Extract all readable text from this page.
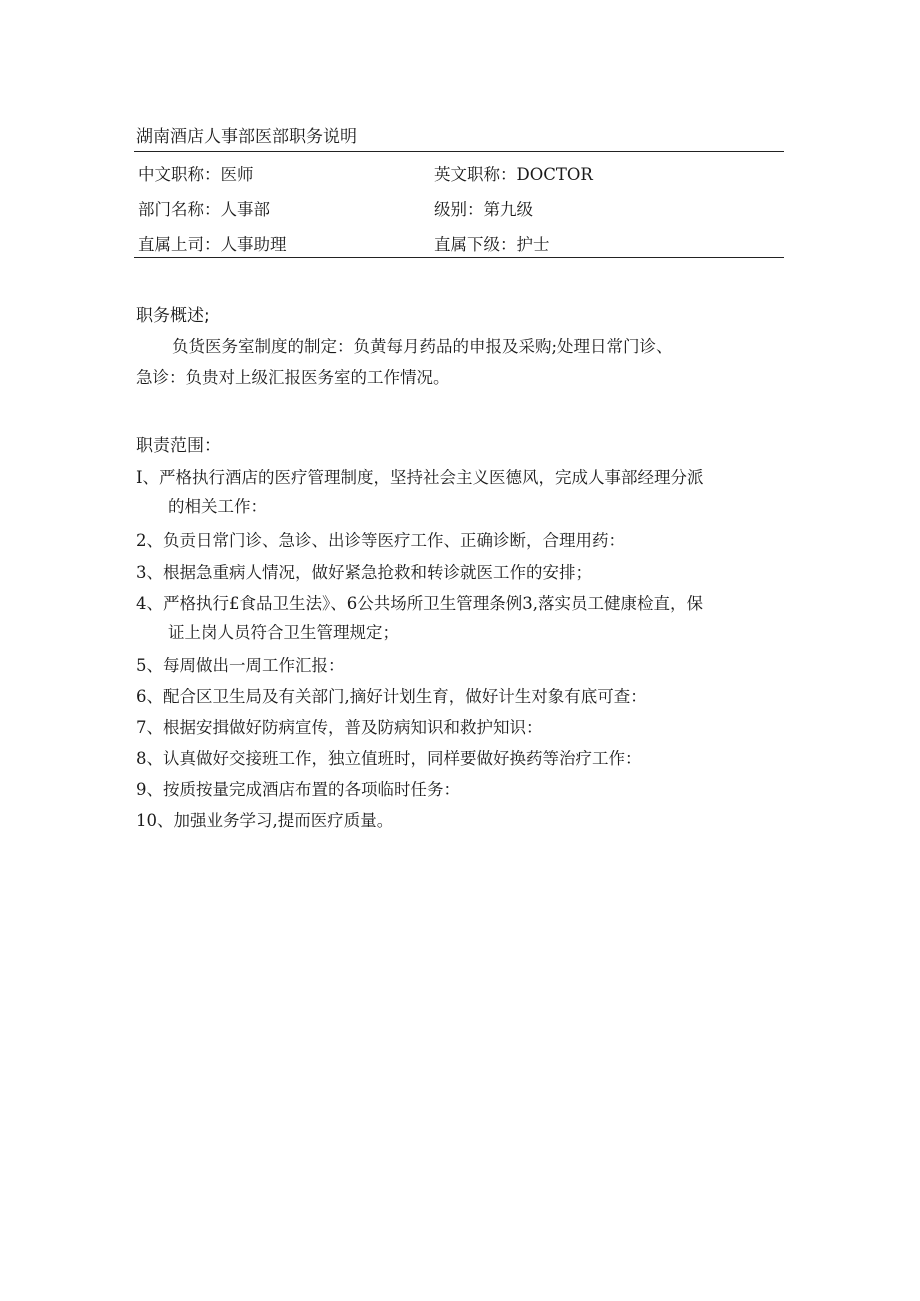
湖南酒店人事部医部职务说明
中文职称：医师	英文职称：DOCTOR
部门名称：人事部	级别：第九级
直属上司：人事助理	直属下级：护士
职务概述;
负货医务室制度的制定：负黄每月药品的申报及采购;处理日常门诊、
急诊：负贵对上级汇报医务室的工作情况。
职责范围：
I、严格执行酒店的医疗管理制度，坚持社会主义医德风，完成人事部经理分派
的相关工作：
2、负贡日常门诊、急诊、出诊等医疗工作、正确诊断，合理用药：
3、根据急重病人情况，做好紧急抢救和转诊就医工作的安排；
4、严格执行£食品卫生法》、6公共场所卫生管理条例3,落实员工健康检直，保
证上岗人员符合卫生管理规定；
5、每周做出一周工作汇报：
6、配合区卫生局及有关部门,摘好计划生育，做好计生对象有底可查：
7、根据安揖做好防病宣传，普及防病知识和救护知识：
8、认真做好交接班工作，独立值班时，同样要做好换药等治疗工作：
9、按质按量完成酒店布置的各项临时任务：
10、加强业务学习,提而医疗质量。
